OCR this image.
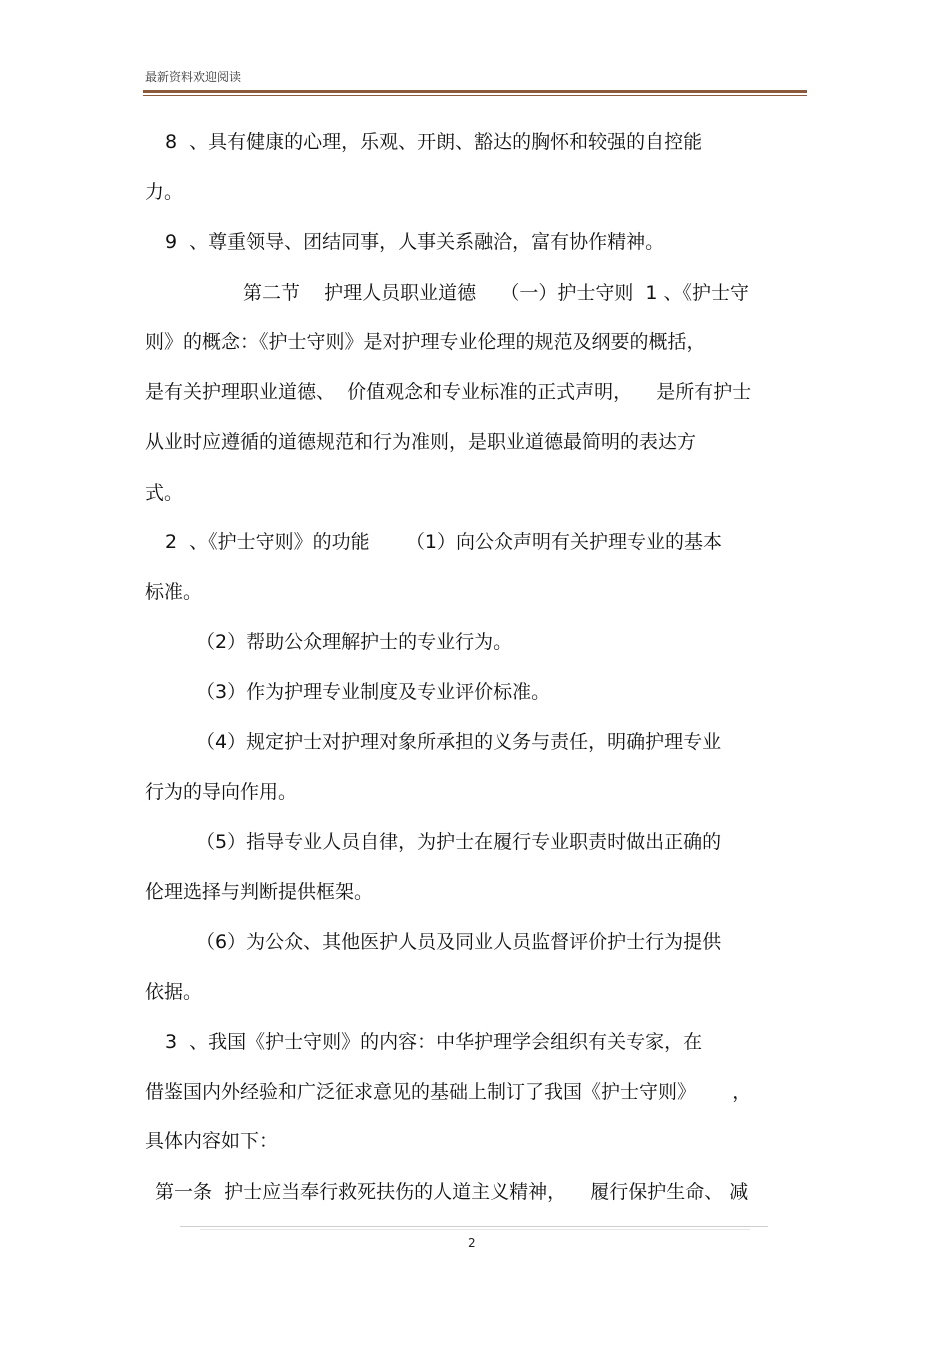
最新资料欢迎阅读
8  、具有健康的心理，乐观、开朗、豁达的胸怀和较强的自控能
力。
9  、尊重领导、团结同事，人事关系融洽，富有协作精神。
第二节    护理人员职业道德    （一）护士守则  1 、《护士守
则》的概念：《护士守则》是对护理专业伦理的规范及纲要的概括，
是有关护理职业道德、  价值观念和专业标准的正式声明，    是所有护士
从业时应遵循的道德规范和行为准则，是职业道德最简明的表达方
式。
2  、《护士守则》的功能      （1）向公众声明有关护理专业的基本
标准。
（2）帮助公众理解护士的专业行为。
（3）作为护理专业制度及专业评价标准。
（4）规定护士对护理对象所承担的义务与责任，明确护理专业
行为的导向作用。
（5）指导专业人员自律，为护士在履行专业职责时做出正确的
伦理选择与判断提供框架。
（6）为公众、其他医护人员及同业人员监督评价护士行为提供
依据。
3  、我国《护士守则》的内容：中华护理学会组织有关专家，在
借鉴国内外经验和广泛征求意见的基础上制订了我国《护士守则》      ，
具体内容如下：
第一条  护士应当奉行救死扶伤的人道主义精神，    履行保护生命、 减
2
